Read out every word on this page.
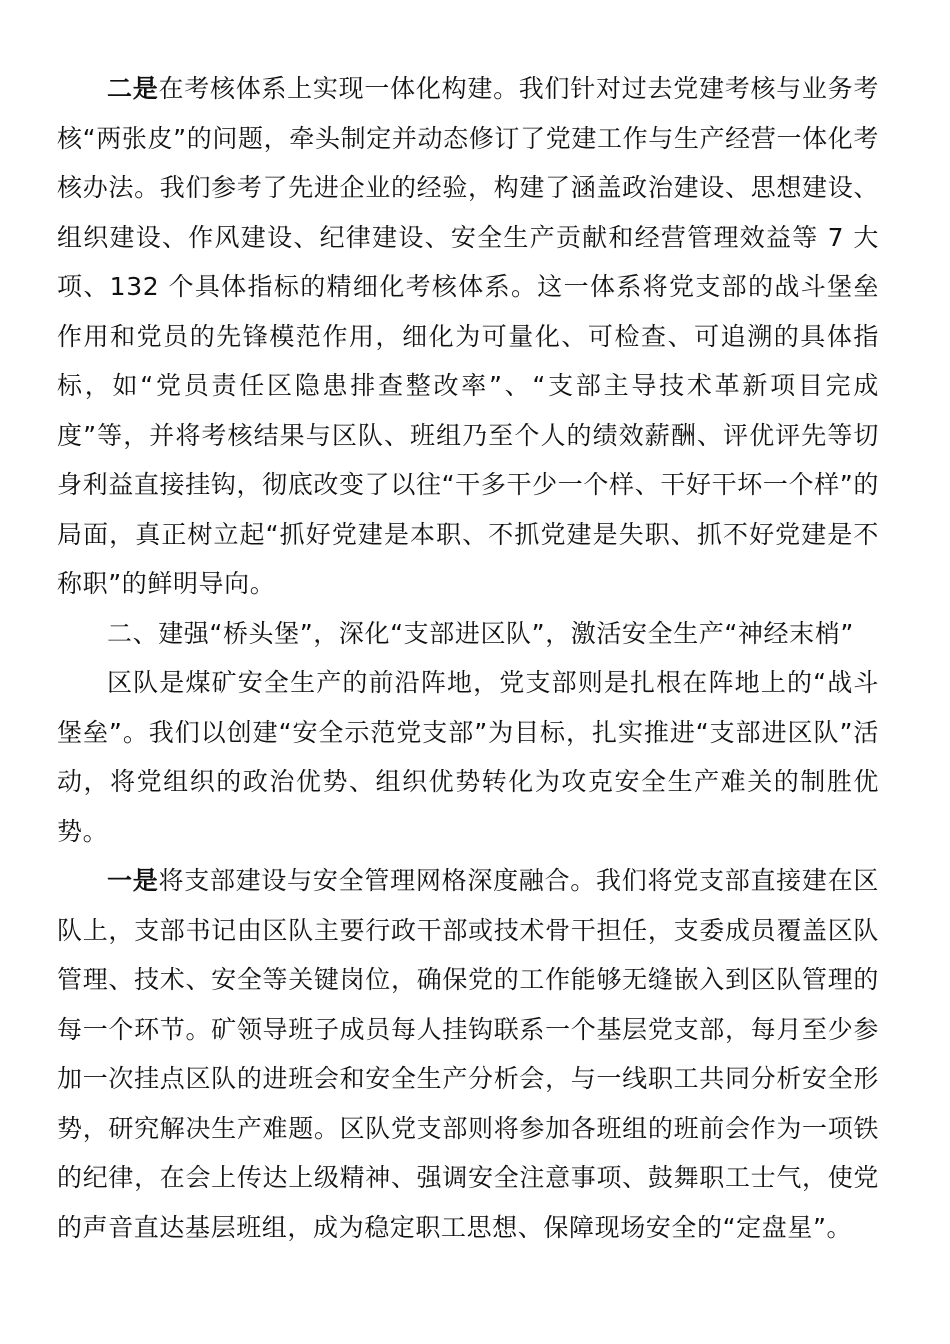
二是在考核体系上实现一体化构建。我们针对过去党建考核与业务考核“两张皮”的问题，牵头制定并动态修订了党建工作与生产经营一体化考核办法。我们参考了先进企业的经验，构建了涵盖政治建设、思想建设、组织建设、作风建设、纪律建设、安全生产贡献和经营管理效益等 7 大项、132 个具体指标的精细化考核体系。这一体系将党支部的战斗堡垒作用和党员的先锋模范作用，细化为可量化、可检查、可追溯的具体指标，如“党员责任区隐患排查整改率”、“支部主导技术革新项目完成度”等，并将考核结果与区队、班组乃至个人的绩效薪酬、评优评先等切身利益直接挂钩，彻底改变了以往“干多干少一个样、干好干坏一个样”的局面，真正树立起“抓好党建是本职、不抓党建是失职、抓不好党建是不称职”的鲜明导向。

二、建强“桥头堡”，深化“支部进区队”，激活安全生产“神经末梢”

区队是煤矿安全生产的前沿阵地，党支部则是扎根在阵地上的“战斗堡垒”。我们以创建“安全示范党支部”为目标，扎实推进“支部进区队”活动，将党组织的政治优势、组织优势转化为攻克安全生产难关的制胜优势。

一是将支部建设与安全管理网格深度融合。我们将党支部直接建在区队上，支部书记由区队主要行政干部或技术骨干担任，支委成员覆盖区队管理、技术、安全等关键岗位，确保党的工作能够无缝嵌入到区队管理的每一个环节。矿领导班子成员每人挂钩联系一个基层党支部，每月至少参加一次挂点区队的进班会和安全生产分析会，与一线职工共同分析安全形势，研究解决生产难题。区队党支部则将参加各班组的班前会作为一项铁的纪律，在会上传达上级精神、强调安全注意事项、鼓舞职工士气，使党的声音直达基层班组，成为稳定职工思想、保障现场安全的“定盘星”。
